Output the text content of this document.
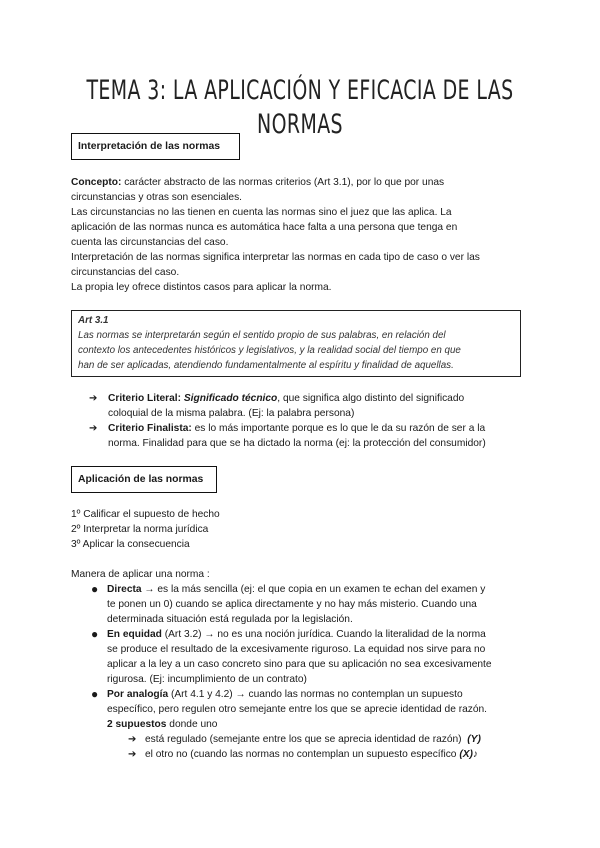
TEMA 3: LA APLICACIÓN Y EFICACIA DE LAS NORMAS
Interpretación de las normas

Concepto: carácter abstracto de las normas criterios (Art 3.1), por lo que por unas

circunstancias y otras son esenciales.

Las circunstancias no las tienen en cuenta las normas sino el juez que las aplica. La

aplicación de las normas nunca es automática hace falta a una persona que tenga en

cuenta las circunstancias del caso.

Interpretación de las normas significa interpretar las normas en cada tipo de caso o ver las

circunstancias del caso.

La propia ley ofrece distintos casos para aplicar la norma.

Art 3.1
Las normas se interpretarán según el sentido propio de sus palabras, en relación del
contexto los antecedentes históricos y legislativos, y la realidad social del tiempo en que
han de ser aplicadas, atendiendo fundamentalmente al espíritu y finalidad de aquellas.
➔ Criterio Literal: Significado técnico, que significa algo distinto del significado
coloquial de la misma palabra. (Ej: la palabra persona)
➔ Criterio Finalista: es lo más importante porque es lo que le da su razón de ser a la
norma. Finalidad para que se ha dictado la norma (ej: la protección del consumidor)
Aplicación de las normas

1º Calificar el supuesto de hecho

2º Interpretar la norma jurídica

3º Aplicar la consecuencia

Manera de aplicar una norma :
● Directa → es la más sencilla (ej: el que copia en un examen te echan del examen y
te ponen un 0) cuando se aplica directamente y no hay más misterio. Cuando una
determinada situación está regulada por la legislación.
● En equidad (Art 3.2) → no es una noción jurídica. Cuando la literalidad de la norma
se produce el resultado de la excesivamente riguroso. La equidad nos sirve para no
aplicar a la ley a un caso concreto sino para que su aplicación no sea excesivamente
rigurosa. (Ej: incumplimiento de un contrato)
● Por analogía (Art 4.1 y 4.2) → cuando las normas no contemplan un supuesto
específico, pero regulen otro semejante entre los que se aprecie identidad de razón.
2 supuestos donde uno
➔ está regulado (semejante entre los que se aprecia identidad de razón) (Y)
➔ el otro no (cuando las normas no contemplan un supuesto específico (X)♪
